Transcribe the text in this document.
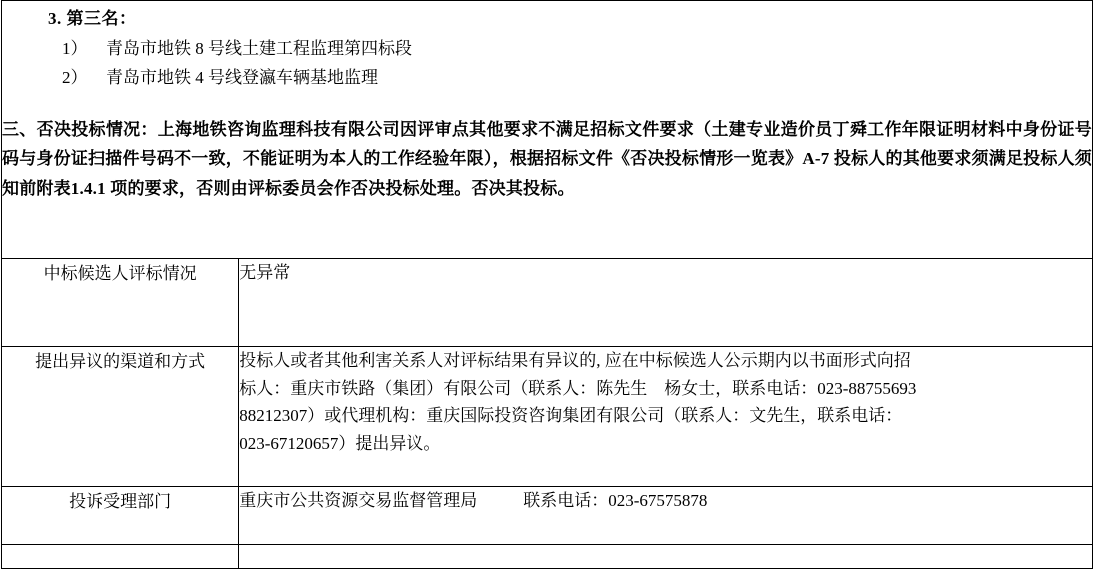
3. 第三名：
1） 青岛市地铁 8 号线土建工程监理第四标段
2） 青岛市地铁 4 号线登瀛车辆基地监理
三、否决投标情况：上海地铁咨询监理科技有限公司因评审点其他要求不满足招标文件要求（土建专业造价员丁舜工作年限证明材料中身份证号码与身份证扫描件号码不一致，不能证明为本人的工作经验年限），根据招标文件《否决投标情形一览表》A-7 投标人的其他要求须满足投标人须知前附表1.4.1 项的要求，否则由评标委员会作否决投标处理。否决其投标。

中标候选人评标情况	无异常
提出异议的渠道和方式	投标人或者其他利害关系人对评标结果有异议的, 应在中标候选人公示期内以书面形式向招

标人：重庆市铁路（集团）有限公司（联系人：陈先生　杨女士，联系电话：023-88755693

88212307）或代理机构：重庆国际投资咨询集团有限公司（联系人：文先生，联系电话：

023-67120657）提出异议。

投诉受理部门	重庆市公共资源交易监督管理局 联系电话：023-67575878
